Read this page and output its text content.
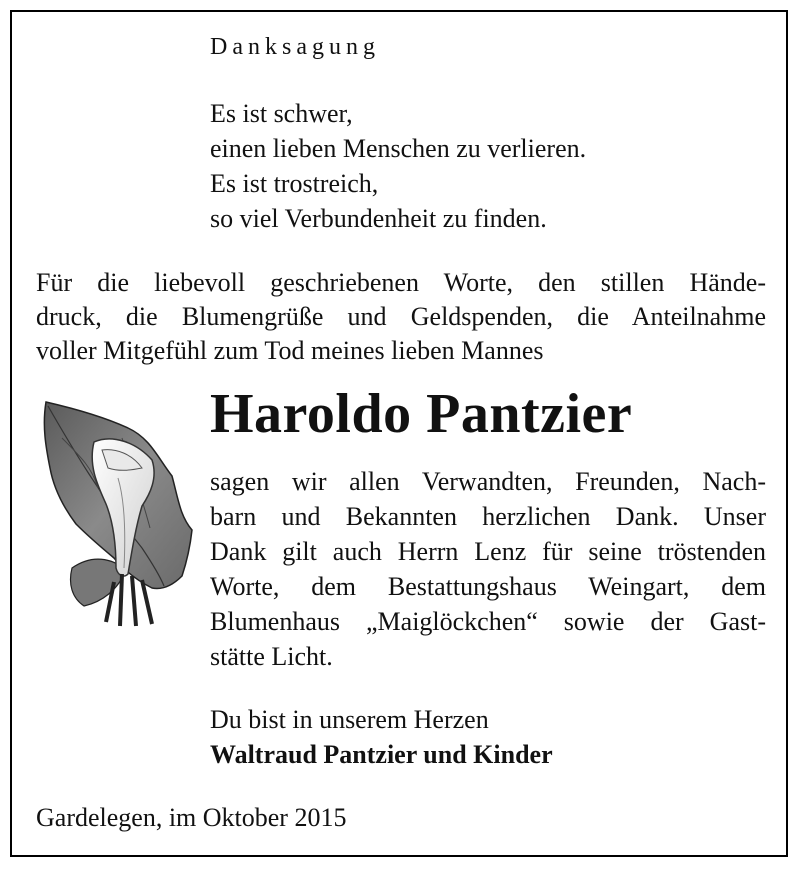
Danksagung
Es ist schwer,
einen lieben Menschen zu verlieren.
Es ist trostreich,
so viel Verbundenheit zu finden.
Für die liebevoll geschriebenen Worte, den stillen Hände-
druck, die Blumengrüße und Geldspenden, die Anteilnahme
voller Mitgefühl zum Tod meines lieben Mannes
Haroldo Pantzier
sagen wir allen Verwandten, Freunden, Nach-
barn und Bekannten herzlichen Dank. Unser
Dank gilt auch Herrn Lenz für seine tröstenden
Worte, dem Bestattungshaus Weingart, dem
Blumenhaus „Maiglöckchen“ sowie der Gast-
stätte Licht.
Du bist in unserem Herzen
Waltraud Pantzier und Kinder
Gardelegen, im Oktober 2015
